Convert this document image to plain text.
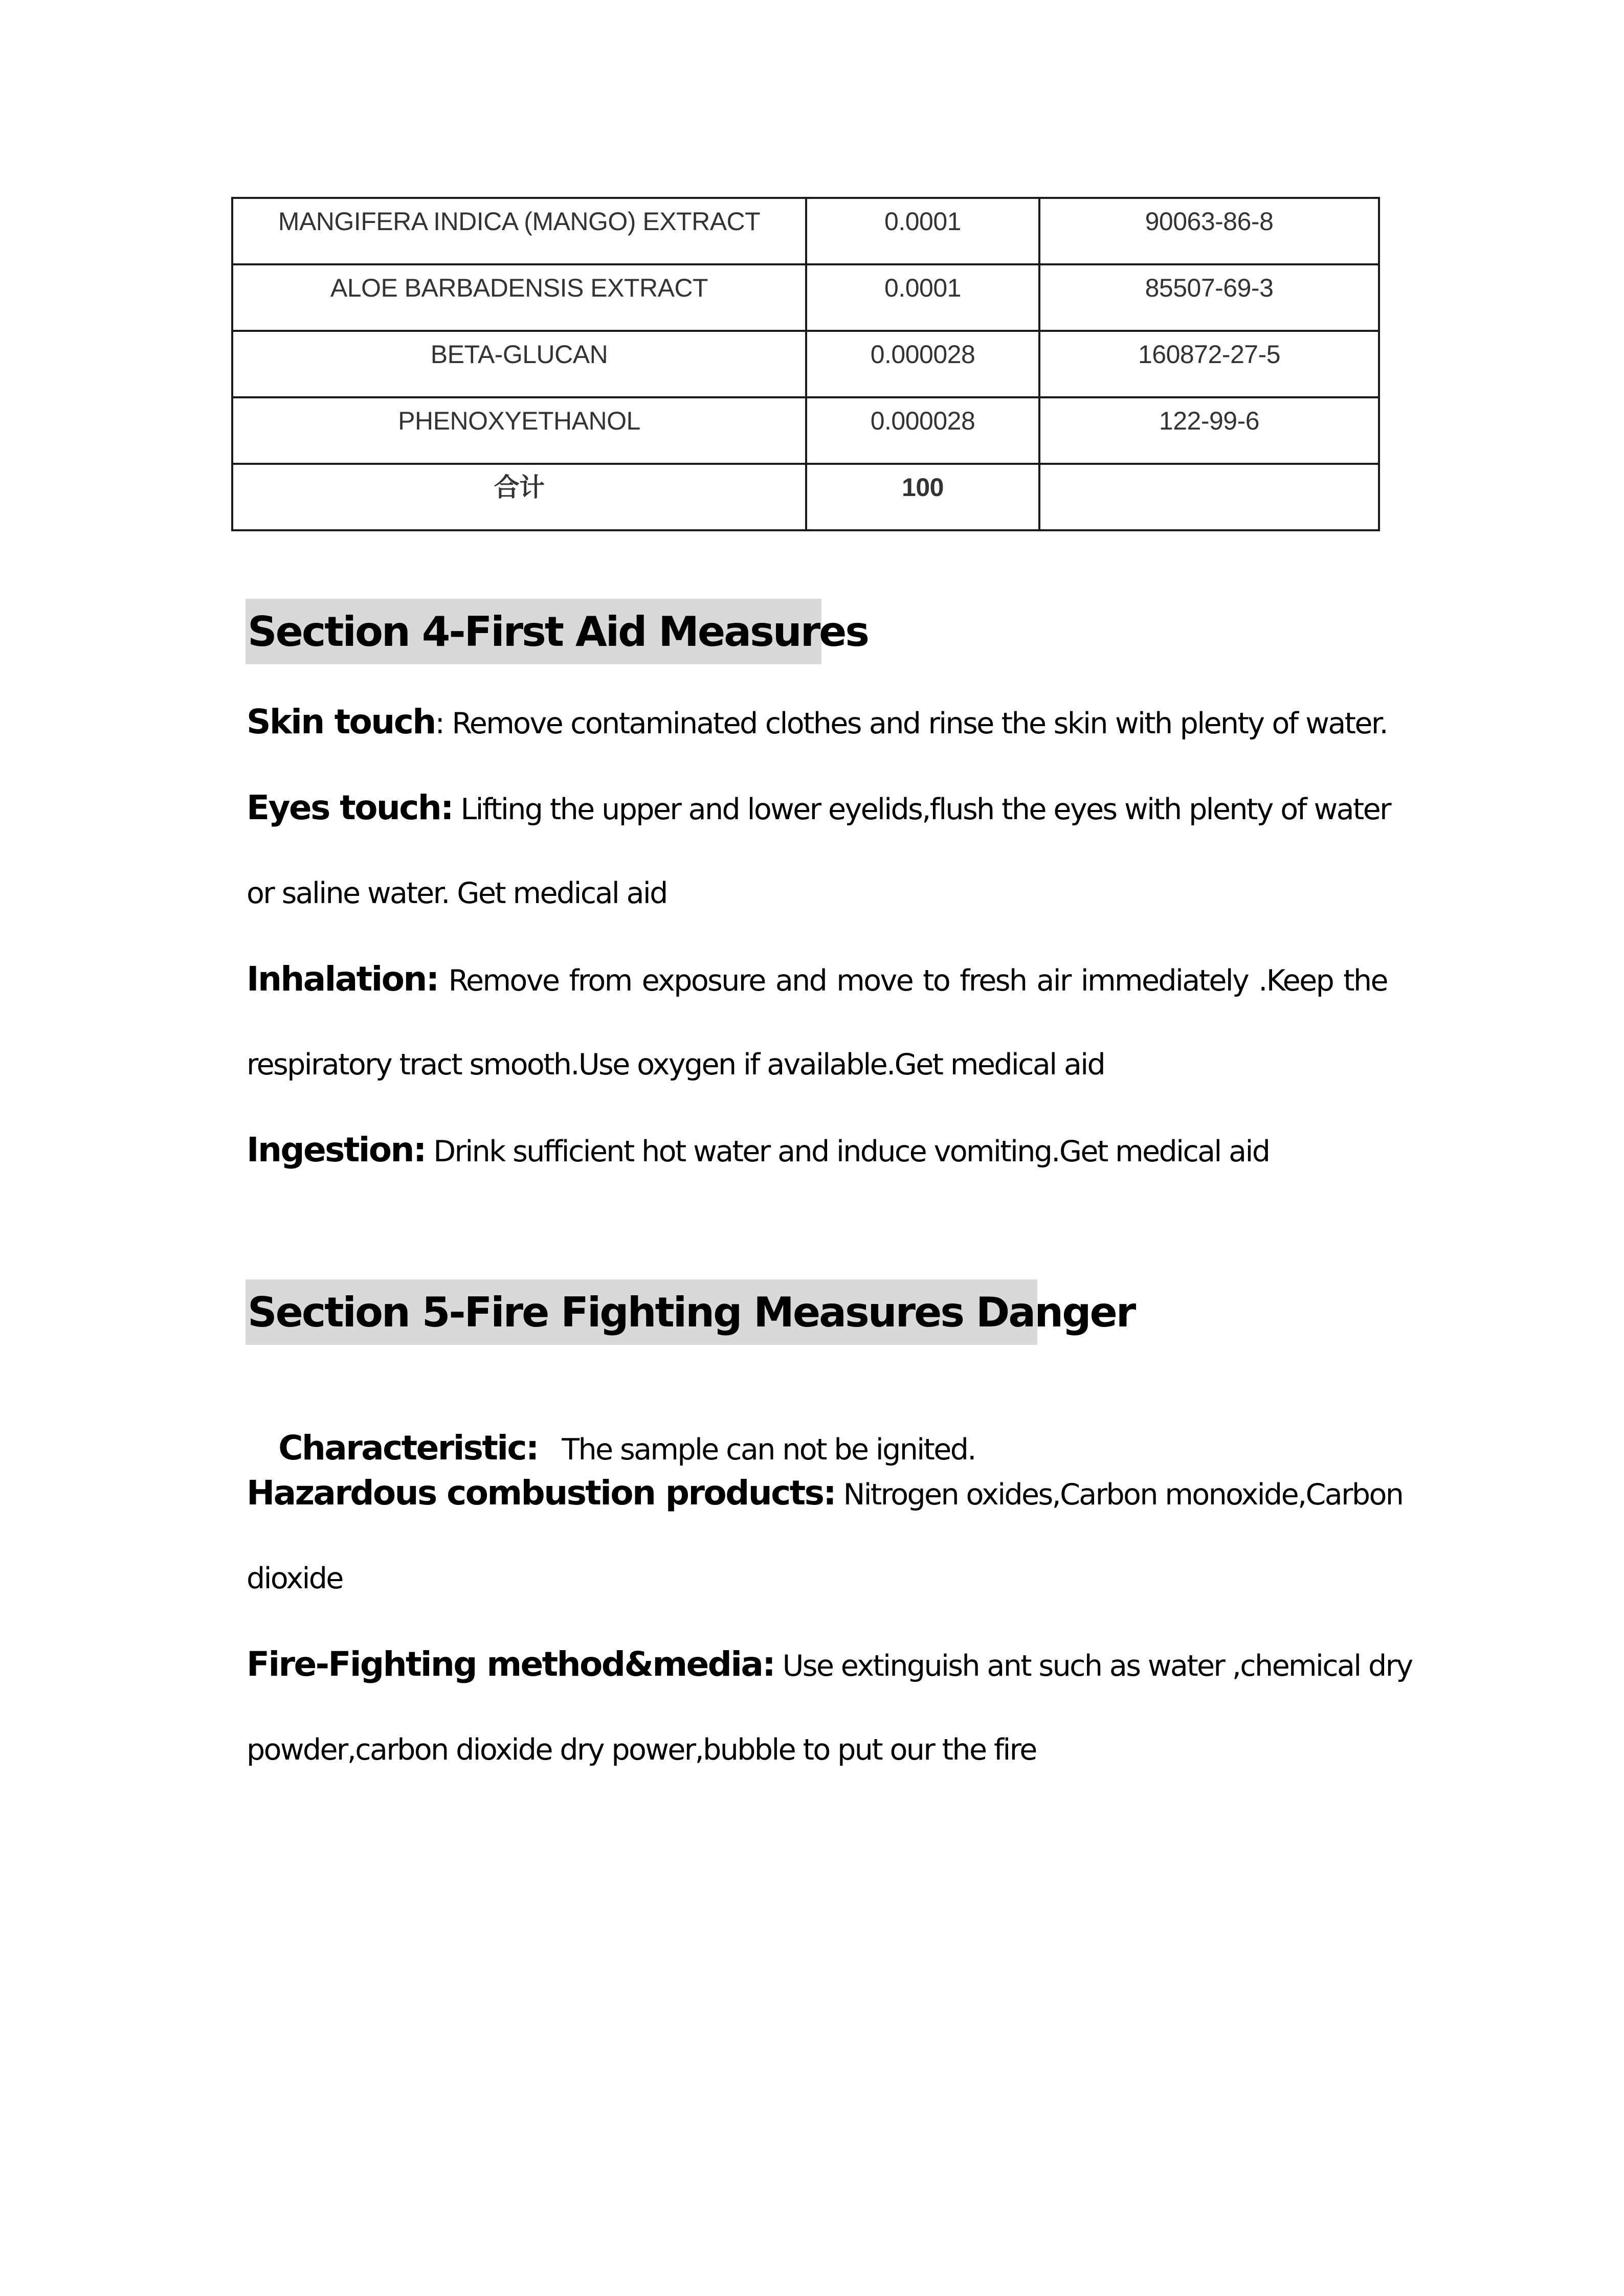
MANGIFERA INDICA (MANGO) EXTRACT	0.0001	90063-86-8
ALOE BARBADENSIS EXTRACT	0.0001	85507-69-3
BETA-GLUCAN	0.000028	160872-27-5
PHENOXYETHANOL	0.000028	122-99-6
合计	100	
Section 4-First Aid Measures
Skin touch: Remove contaminated clothes and rinse the skin with plenty of water.
Eyes touch: Lifting the upper and lower eyelids,flush the eyes with plenty of water
or saline water. Get medical aid
Inhalation: Remove from exposure and move to fresh air immediately .Keep the
respiratory tract smooth.Use oxygen if available.Get medical aid
Ingestion: Drink sufficient hot water and induce vomiting.Get medical aid
Section 5-Fire Fighting Measures Danger

Characteristic:   The sample can not be ignited.

Hazardous combustion products: Nitrogen oxides,Carbon monoxide,Carbon
dioxide
Fire-Fighting method&media: Use extinguish ant such as water ,chemical dry
powder,carbon dioxide dry power,bubble to put our the fire
